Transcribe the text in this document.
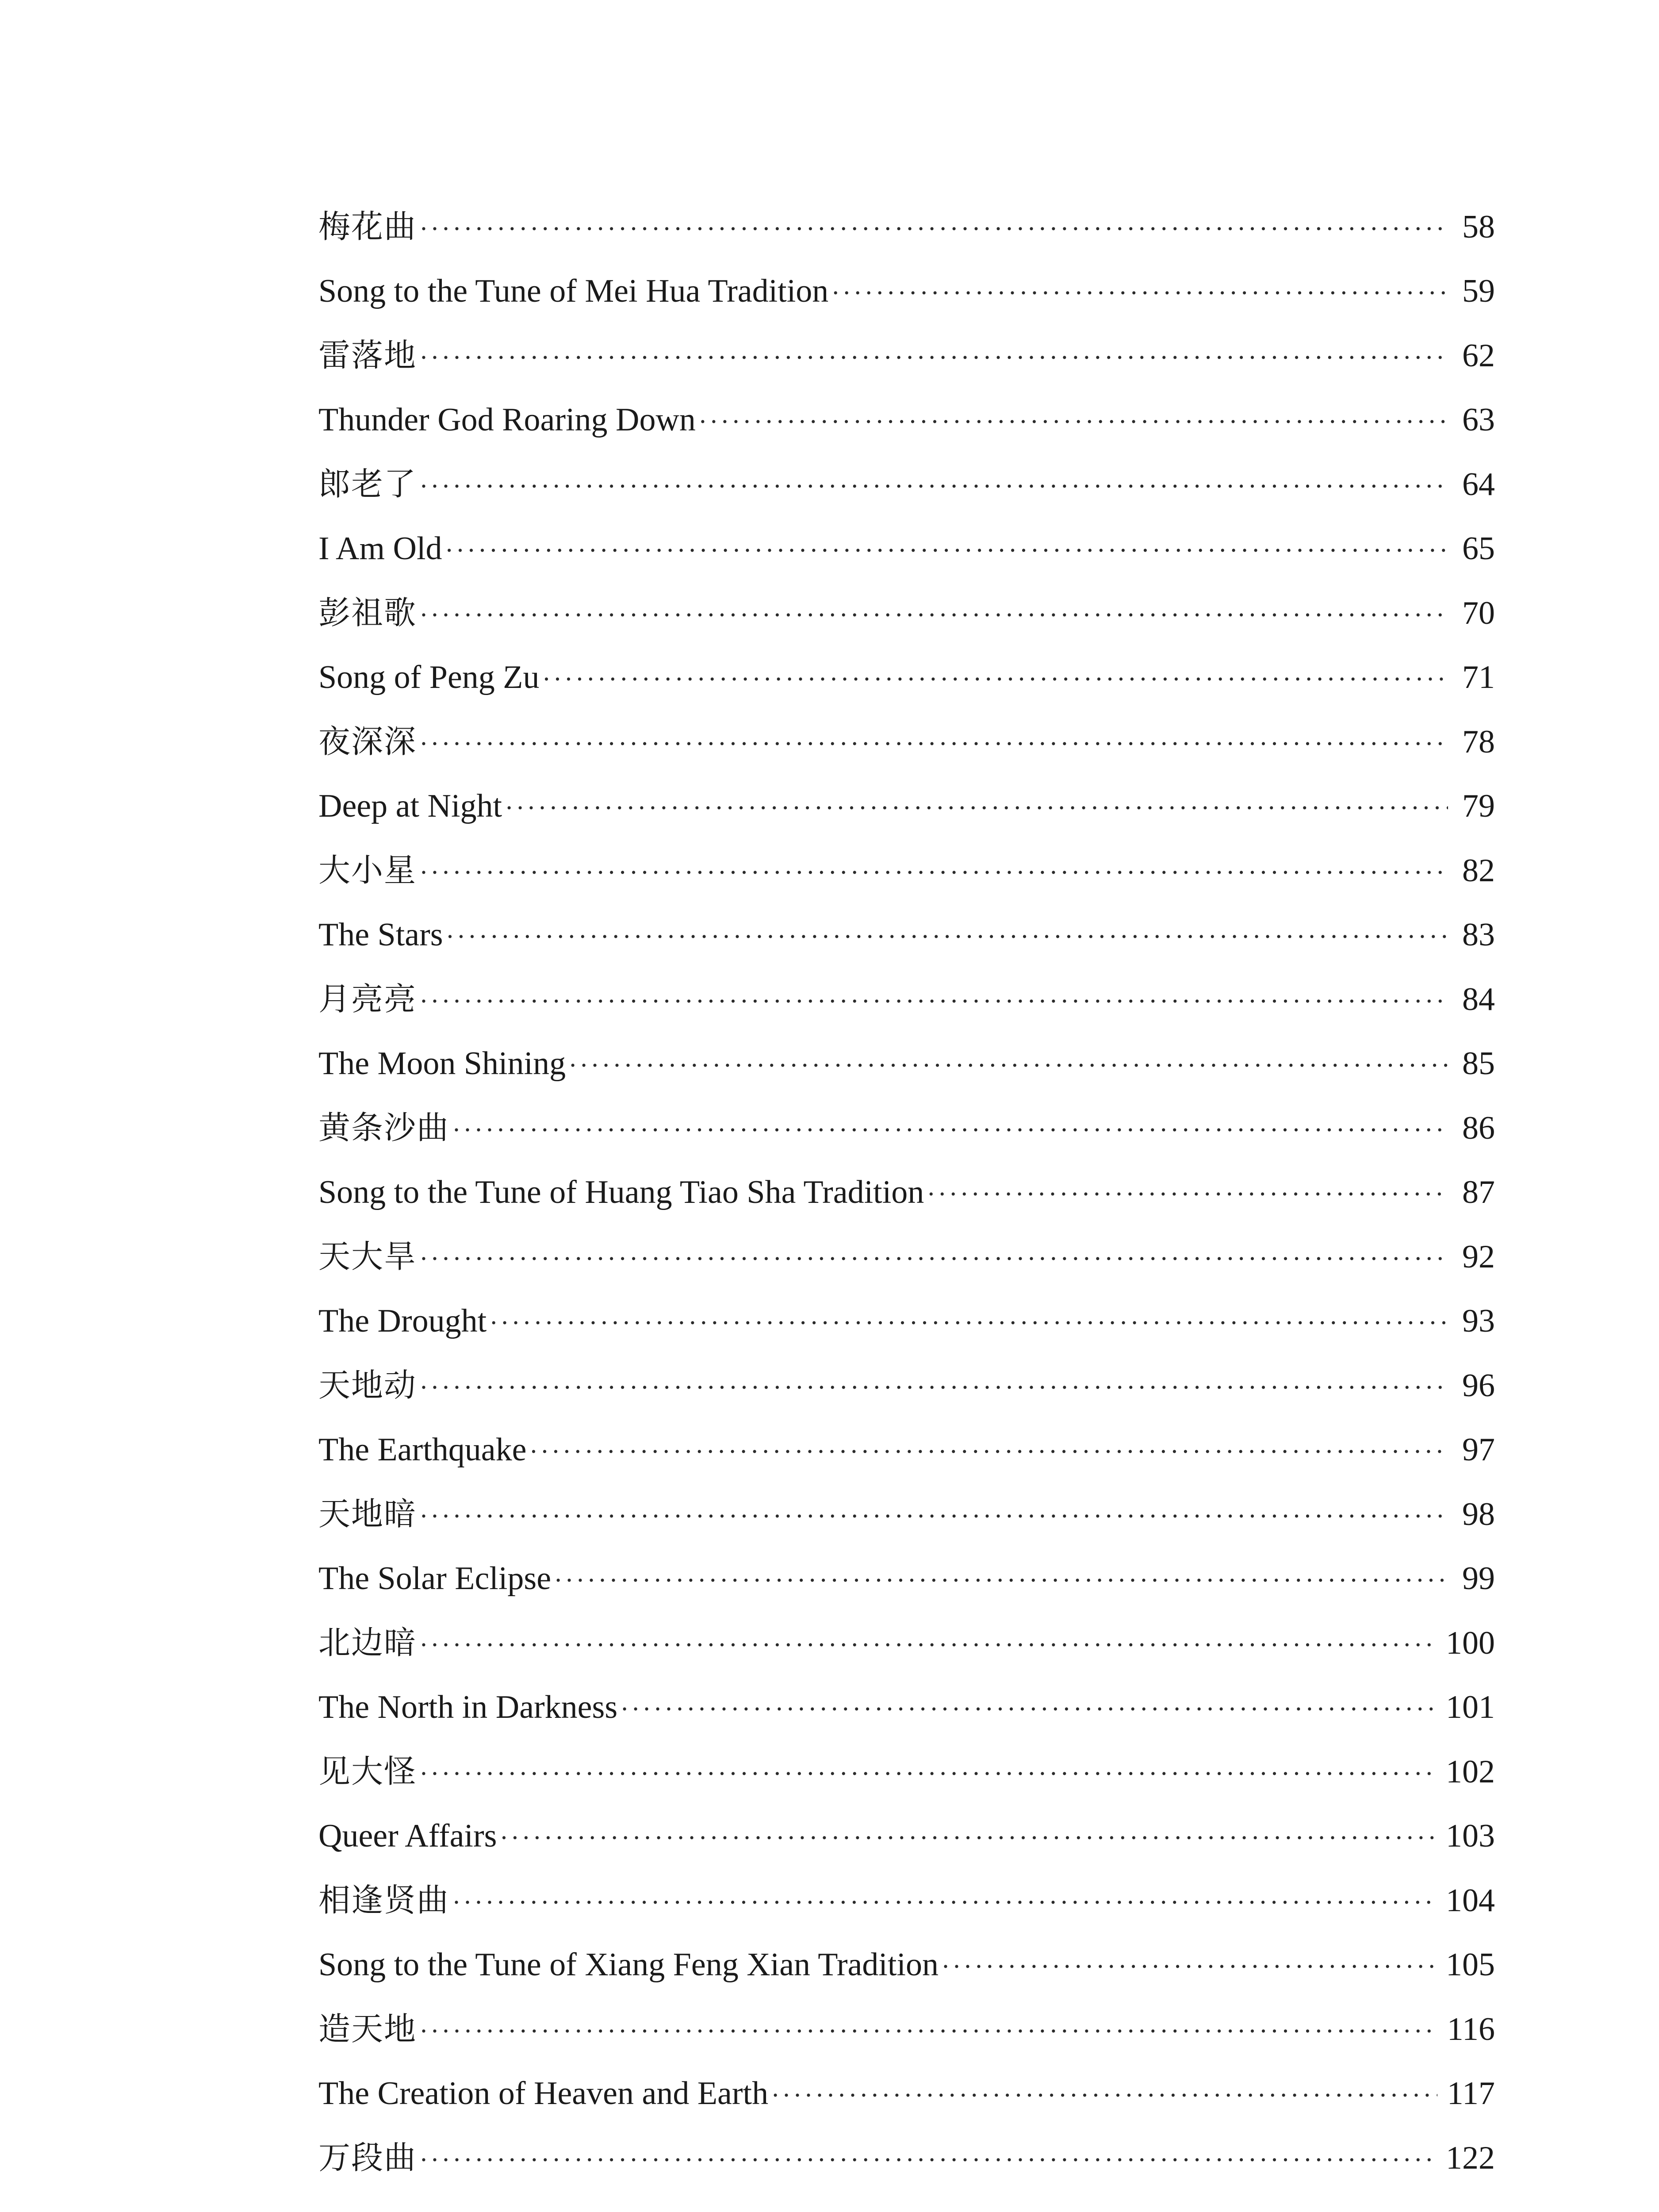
梅花曲 ·····	58
Song to the Tune of Mei Hua Tradition ·····	59
雷落地 ·····	62
Thunder God Roaring Down ·····	63
郎老了 ·····	64
I Am Old ·····	65
彭祖歌 ·····	70
Song of Peng Zu ·····	71
夜深深 ·····	78
Deep at Night ·····	79
大小星 ·····	82
The Stars ·····	83
月亮亮 ·····	84
The Moon Shining ·····	85
黄条沙曲 ·····	86
Song to the Tune of Huang Tiao Sha Tradition ·····	87
天大旱 ·····	92
The Drought ·····	93
天地动 ·····	96
The Earthquake ·····	97
天地暗 ·····	98
The Solar Eclipse ·····	99
北边暗 ·····	100
The North in Darkness ·····	101
见大怪 ·····	102
Queer Affairs ·····	103
相逢贤曲 ·····	104
Song to the Tune of Xiang Feng Xian Tradition ·····	105
造天地 ·····	116
The Creation of Heaven and Earth ·····	117
万段曲 ·····	122
